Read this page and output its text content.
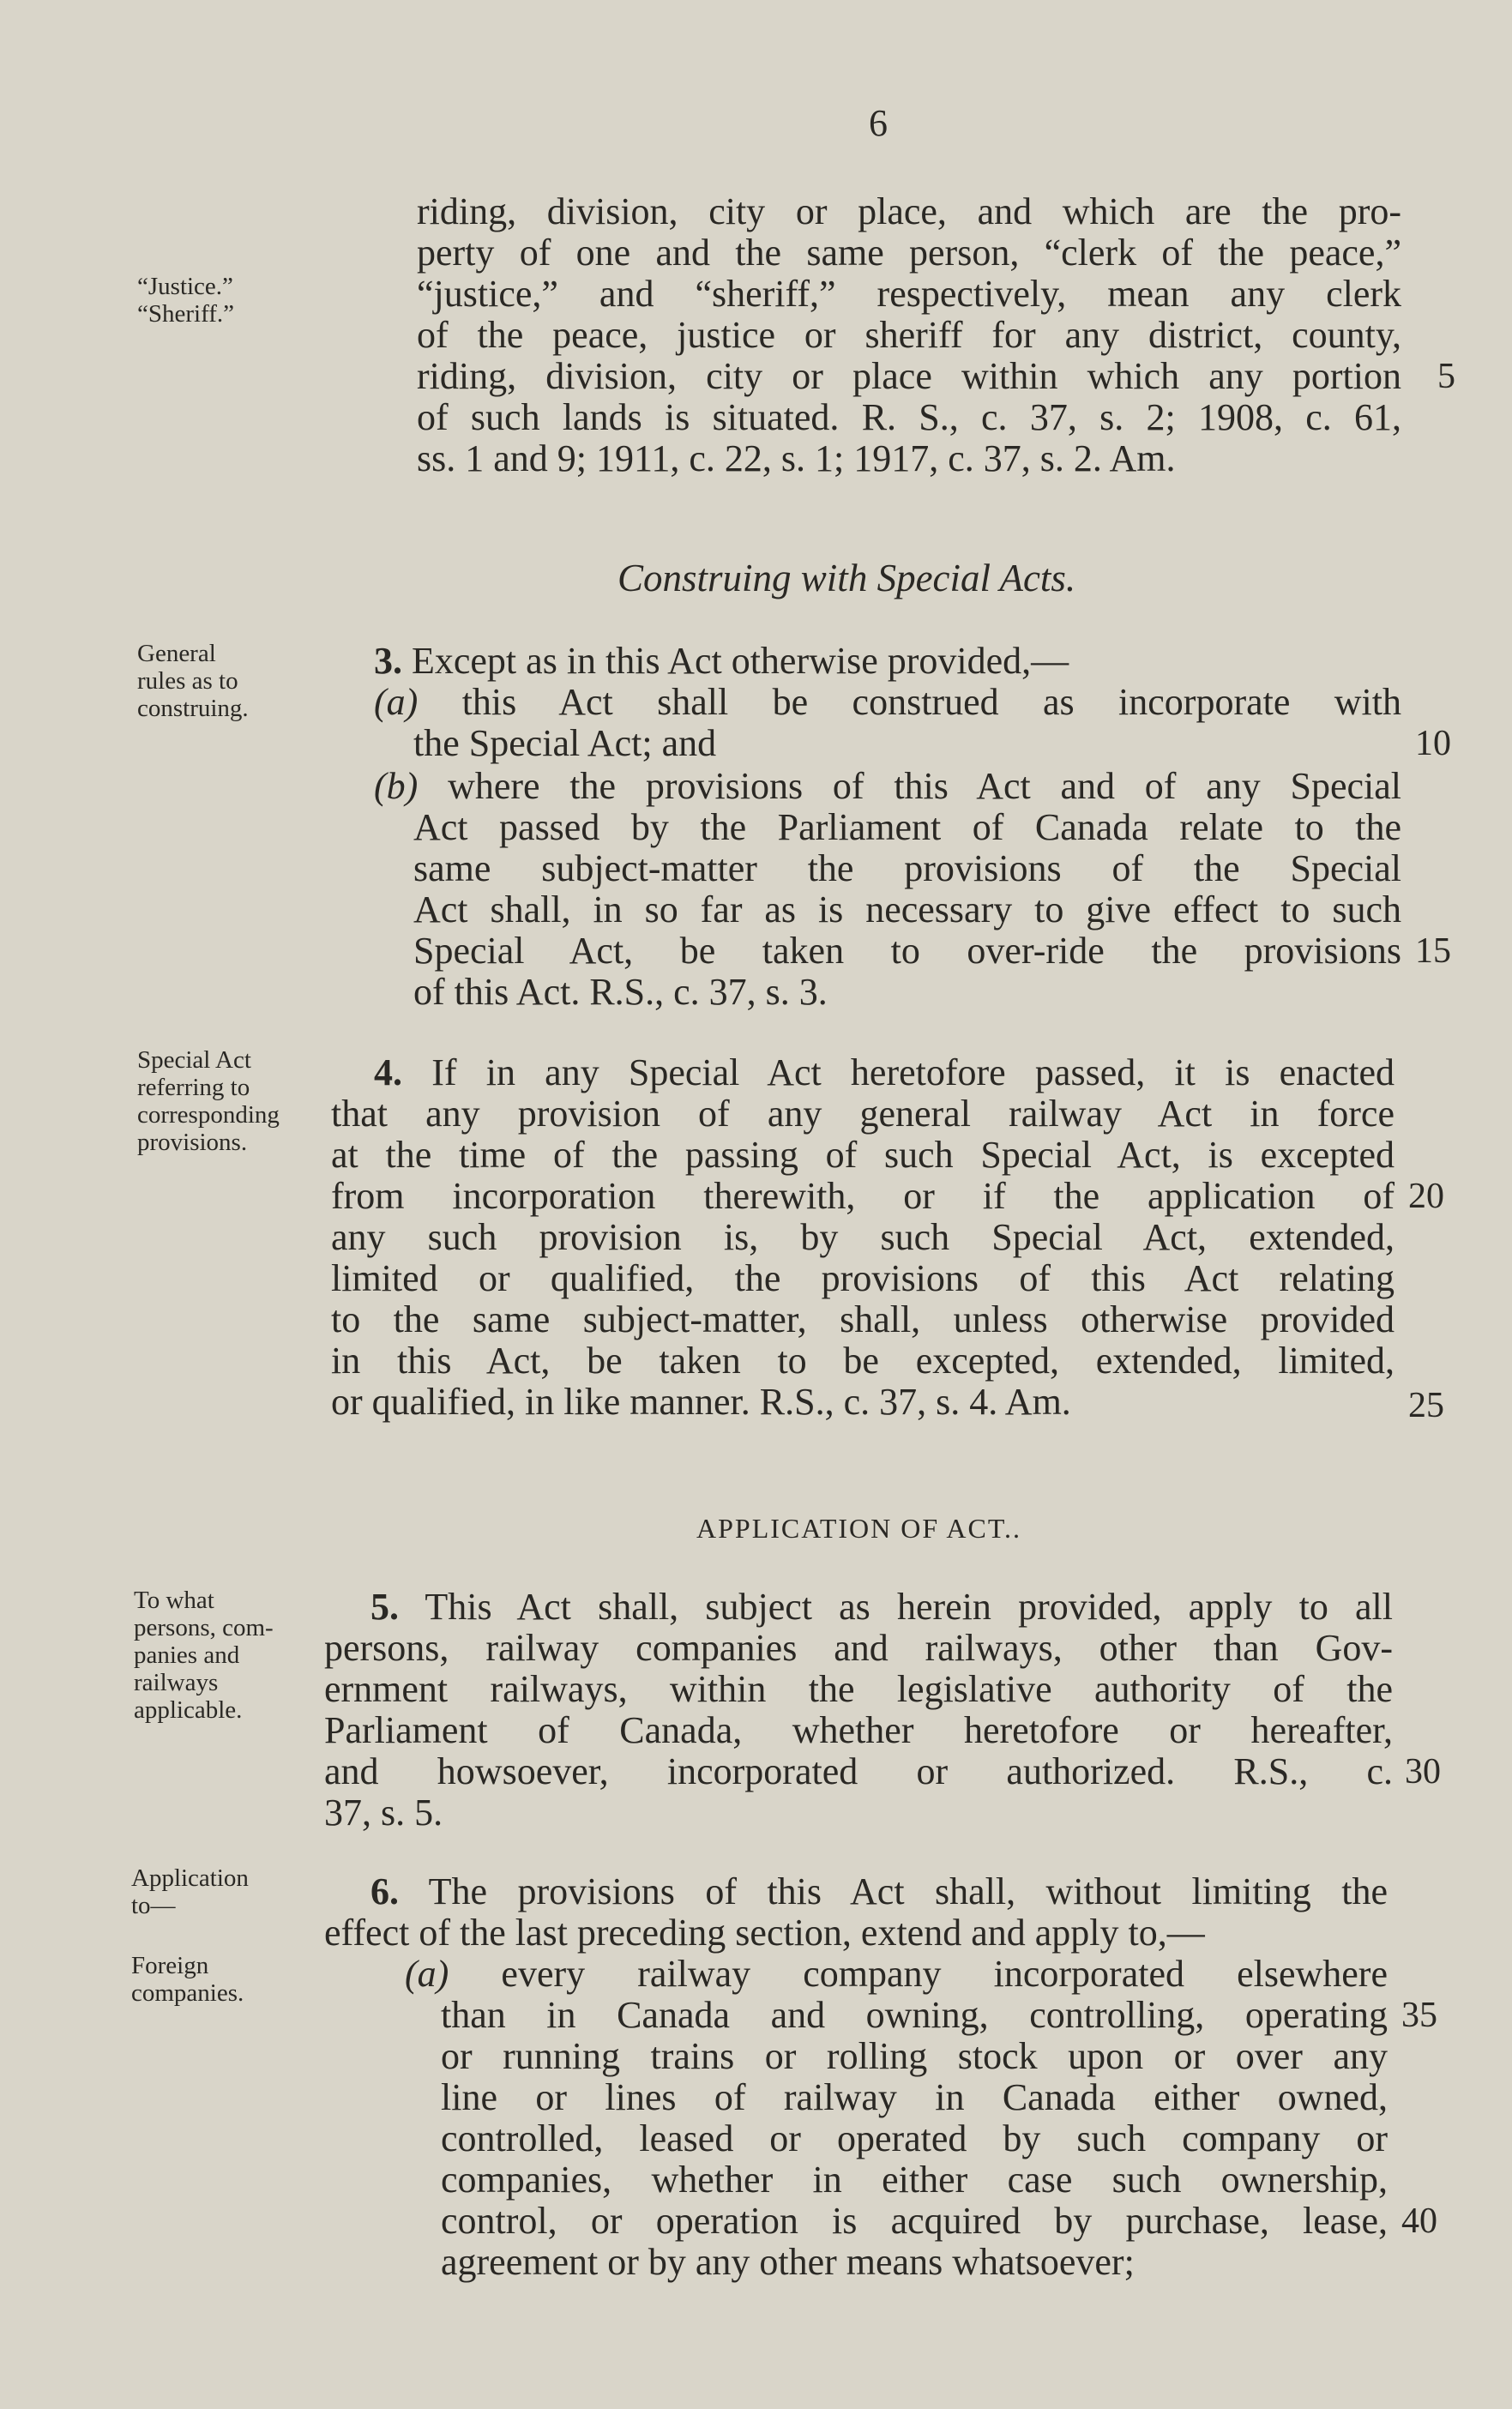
6
“Justice.”
“Sheriff.”
General
rules as to
construing.
Special Act
referring to
corresponding
provisions.
To what
persons, com-
panies and
railways
applicable.
Application
to—
Foreign
companies.
riding, division, city or place, and which are the pro-
perty of one and the same person, “clerk of the peace,”
“justice,” and “sheriff,” respectively, mean any clerk
of the peace, justice or sheriff for any district, county,
riding, division, city or place within which any portion
of such lands is situated. R. S., c. 37, s. 2; 1908, c. 61,
ss. 1 and 9; 1911, c. 22, s. 1; 1917, c. 37, s. 2. Am.
Construing with Special Acts.
3. Except as in this Act otherwise provided,—
(a) this Act shall be construed as incorporate with
the Special Act; and
(b) where the provisions of this Act and of any Special
Act passed by the Parliament of Canada relate to the
same subject-matter the provisions of the Special
Act shall, in so far as is necessary to give effect to such
Special Act, be taken to over-ride the provisions
of this Act. R.S., c. 37, s. 3.
4. If in any Special Act heretofore passed, it is enacted
that any provision of any general railway Act in force
at the time of the passing of such Special Act, is excepted
from incorporation therewith, or if the application of
any such provision is, by such Special Act, extended,
limited or qualified, the provisions of this Act relating
to the same subject-matter, shall, unless otherwise provided
in this Act, be taken to be excepted, extended, limited,
or qualified, in like manner. R.S., c. 37, s. 4. Am.
APPLICATION OF ACT..
5. This Act shall, subject as herein provided, apply to all
persons, railway companies and railways, other than Gov-
ernment railways, within the legislative authority of the
Parliament of Canada, whether heretofore or hereafter,
and howsoever, incorporated or authorized. R.S., c.
37, s. 5.
6. The provisions of this Act shall, without limiting the
effect of the last preceding section, extend and apply to,—
(a) every railway company incorporated elsewhere
than in Canada and owning, controlling, operating
or running trains or rolling stock upon or over any
line or lines of railway in Canada either owned,
controlled, leased or operated by such company or
companies, whether in either case such ownership,
control, or operation is acquired by purchase, lease,
agreement or by any other means whatsoever;
5
10
15
20
25
30
35
40
